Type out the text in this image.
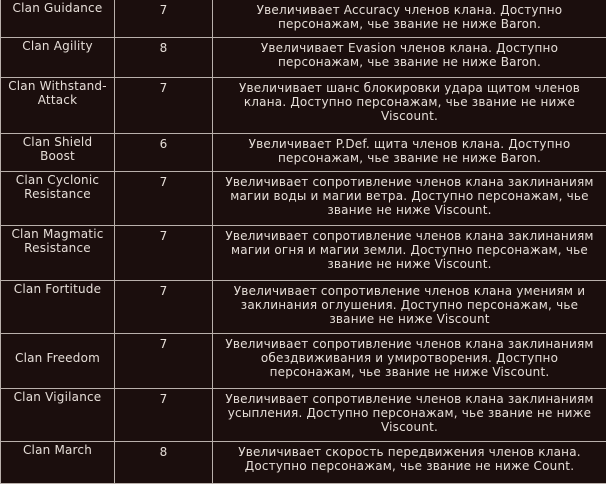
Clan Guidance	7	Увеличивает Accuracy членов клана. Доступно персонажам, чье звание не ниже Baron.
Clan Agility	8	Увеличивает Evasion членов клана. Доступно персонажам, чье звание не ниже Baron.
Clan Withstand-Attack	7	Увеличивает шанс блокировки удара щитом членов клана. Доступно персонажам, чье звание не ниже Viscount.
Clan Shield Boost	6	Увеличивает P.Def. щита членов клана. Доступно персонажам, чье звание не ниже Baron.
Clan Cyclonic Resistance	7	Увеличивает сопротивление членов клана заклинаниям магии воды и магии ветра. Доступно персонажам, чье звание не ниже Viscount.
Clan Magmatic Resistance	7	Увеличивает сопротивление членов клана заклинаниям магии огня и магии земли. Доступно персонажам, чье звание не ниже Viscount.
Clan Fortitude	7	Увеличивает сопротивление членов клана умениям и заклинания оглушения. Доступно персонажам, чье звание не ниже Viscount
Clan Freedom	7	Увеличивает сопротивление членов клана заклинаниям обездвиживания и умиротворения. Доступно персонажам, чье звание не ниже Viscount.
Clan Vigilance	7	Увеличивает сопротивление членов клана заклинаниям усыпления. Доступно персонажам, чье звание не ниже Viscount.
Clan March	8	Увеличивает скорость передвижения членов клана. Доступно персонажам, чье звание не ниже Count.
